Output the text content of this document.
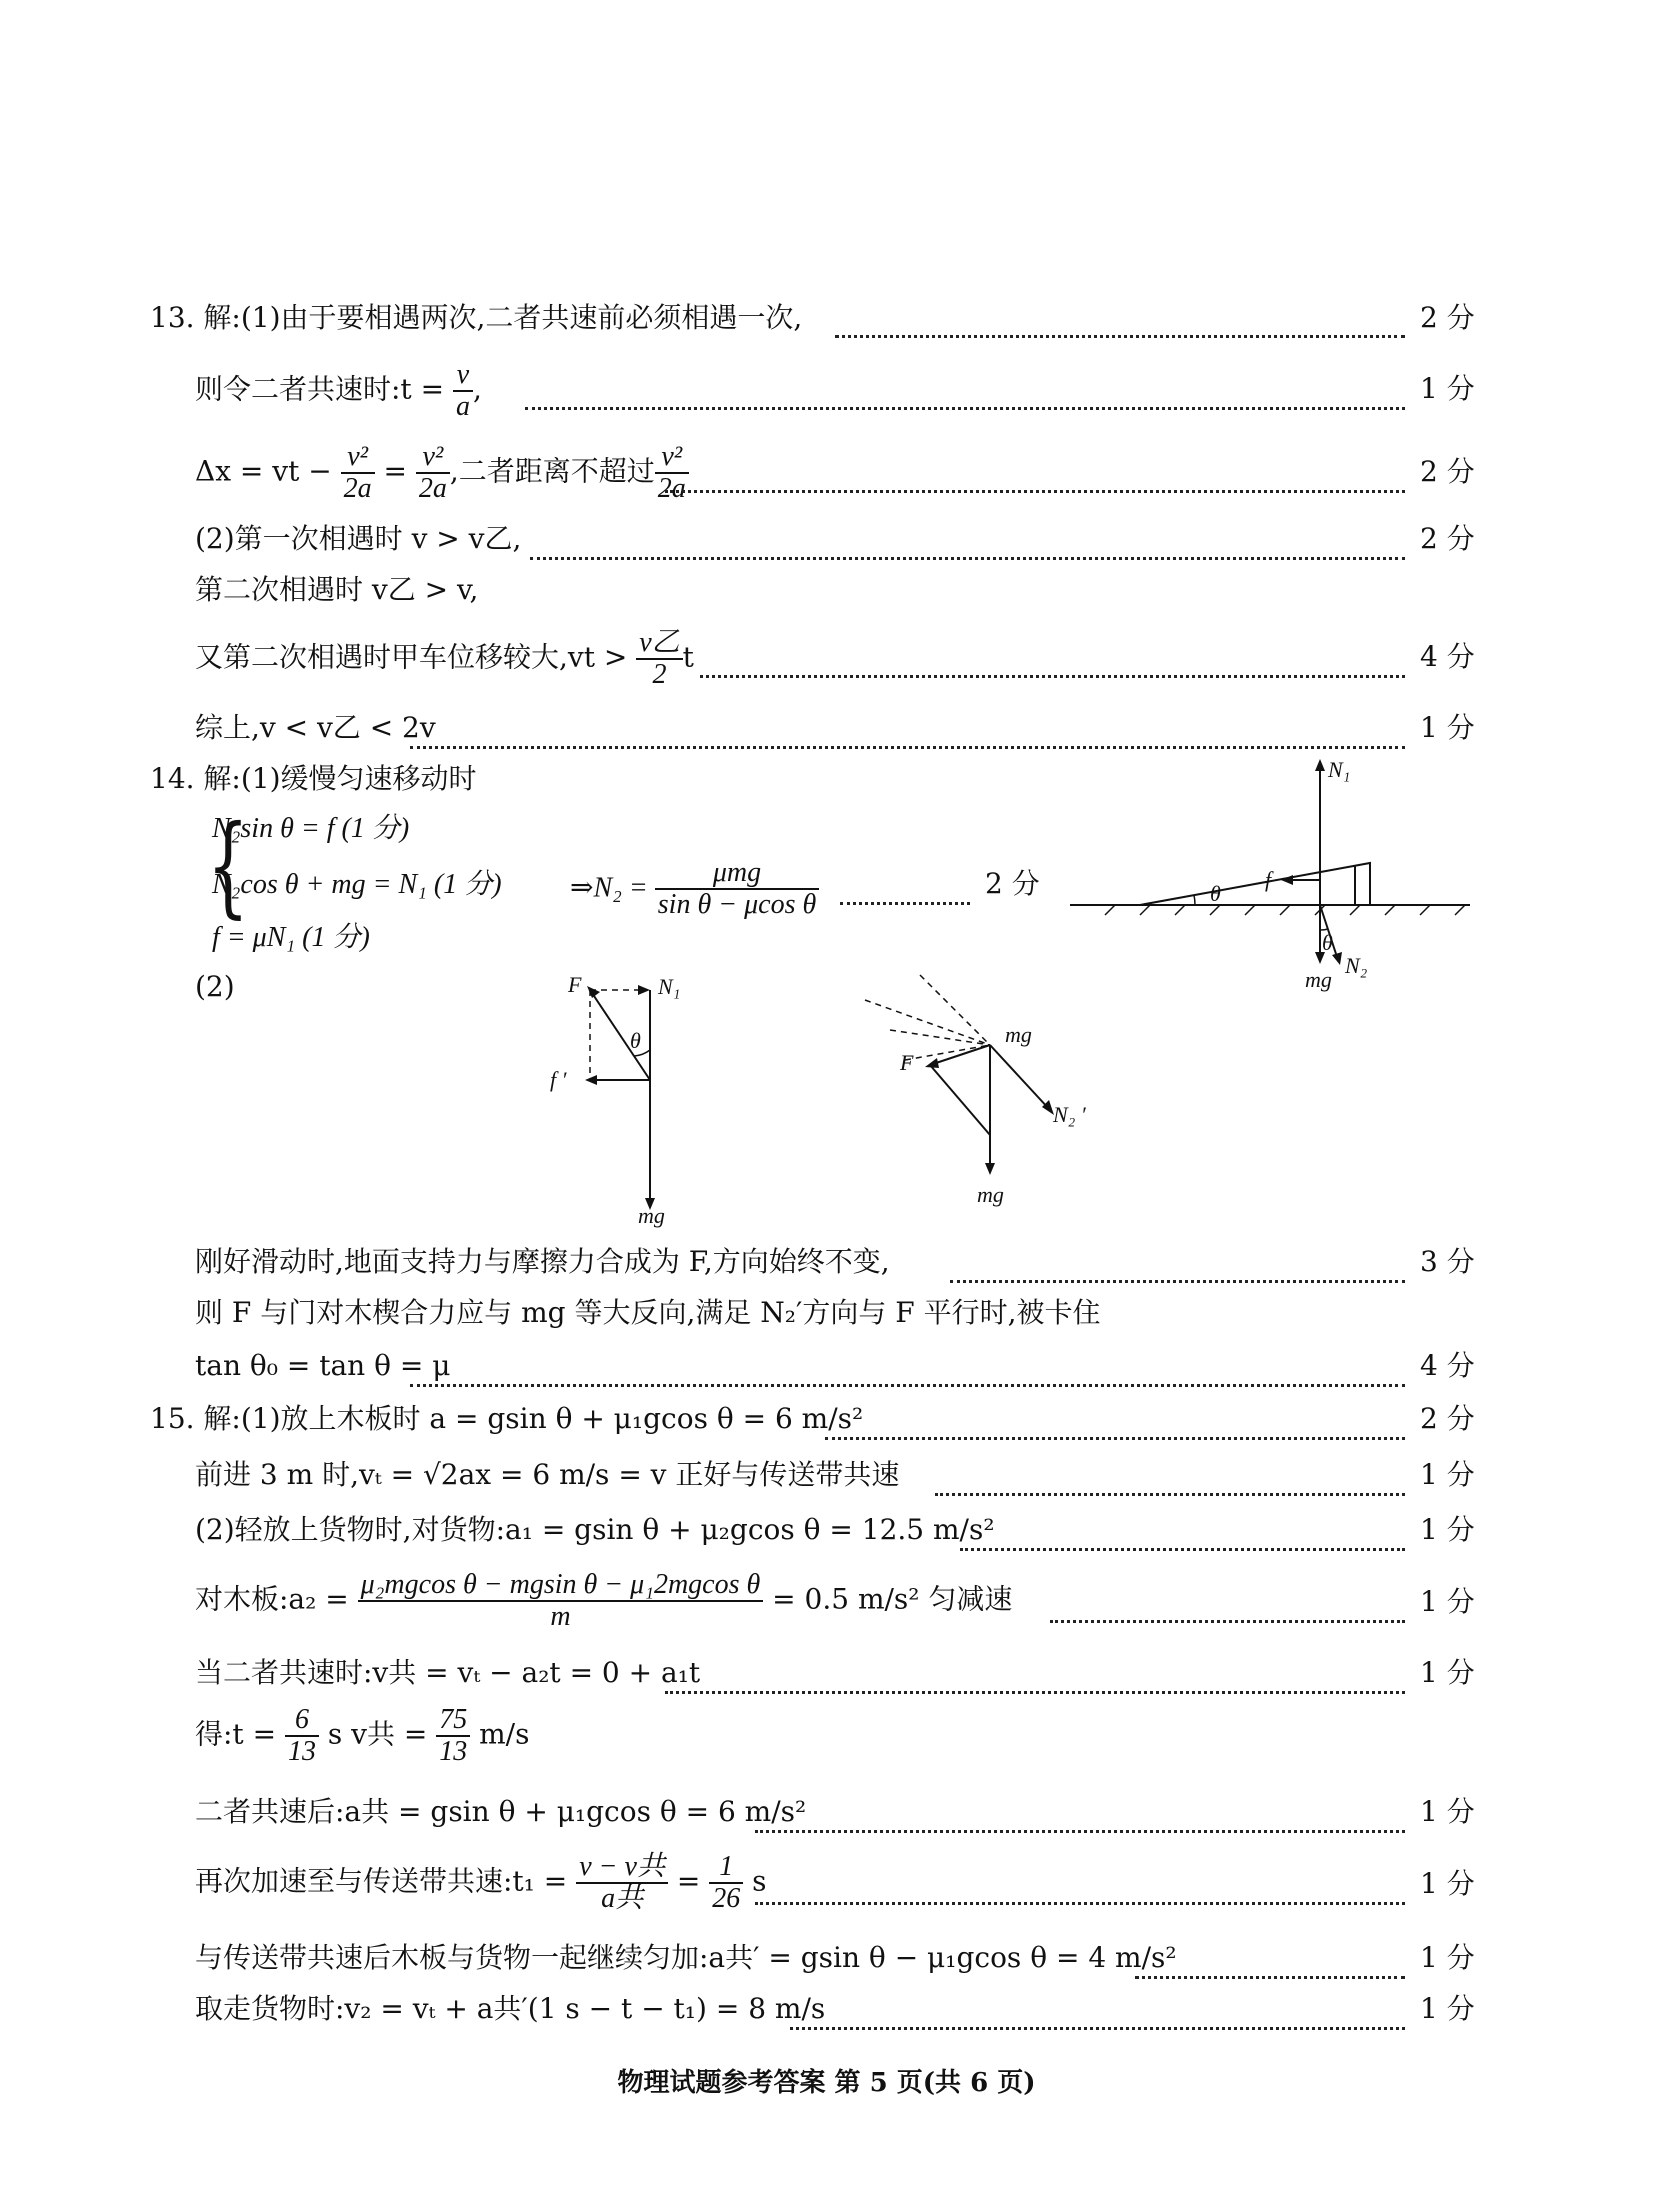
13. 解:(1)由于要相遇两次,二者共速前必须相遇一次,	2 分
则令二者共速时:t = $\frac{v}{a}$ ,	1 分
Δx = vt − $\frac{\text{v²}}{2a} = \frac{\text{v²}}{2a}$ ,二者距离不超过 $\frac{\text{v²}}{2a}$	2 分
(2)第一次相遇时 v > v乙,	2 分
第二次相遇时 v乙 > v,
又第二次相遇时甲车位移较大$,vt > \frac{\text{v乙}}{2}$ t	4 分
综上,v < v乙 < 2v	1 分
14. 解:(1)缓慢匀速移动时
{
N₂sin θ = f (1 分)
N₂cos θ + mg = N₁ (1 分)
f = μN₁ (1 分)
⇒N₂ = $\frac{\text{μmg}}{\text{sin θ − μcos θ}}$	2 分
(2)
N₁
f
θ
θ
mg
N₂
F	N₁
θ
f ′
mg
mg
F
N₂ ′
mg
刚好滑动时,地面支持力与摩擦力合成为 F,方向始终不变,	3 分
则 F 与门对木楔合力应与 mg 等大反向,满足 N₂′方向与 F 平行时,被卡住
tan θ₀ = tan θ = μ	4 分
15. 解:(1)放上木板时 a = gsin θ + μ₁gcos θ = 6 m/s²	2 分
前进 3 m 时,vₜ = √2ax = 6 m/s = v 正好与传送带共速	1 分
(2)轻放上货物时,对货物:a₁ = gsin θ + μ₂gcos θ = 12.5 m/s²	1 分
对木板:a₂ = $\frac{\text{μ₂mgcos θ − mgsin θ − μ₁2mgcos θ}}{m} = 0.5$ m/s² 匀减速	1 分
当二者共速时:v共 = vₜ − a₂t = 0 + a₁t	1 分
得:t = $\frac{6}{13}$ s v共 = $\frac{75}{13} m/s$
二者共速后:a共 = gsin θ + μ₁gcos θ = 6 m/s²	1 分
再次加速至与传送带共速:t₁ = $\frac{\text{v − v共}}{\text{a共}} = \frac{1}{26}$ s	1 分
与传送带共速后木板与货物一起继续匀加:a共′ = gsin θ − μ₁gcos θ = 4 m/s²	1 分
取走货物时:v₂ = vₜ + a共′(1 s − t − t₁) = 8 m/s	1 分
物理试题参考答案 第 5 页(共 6 页)
